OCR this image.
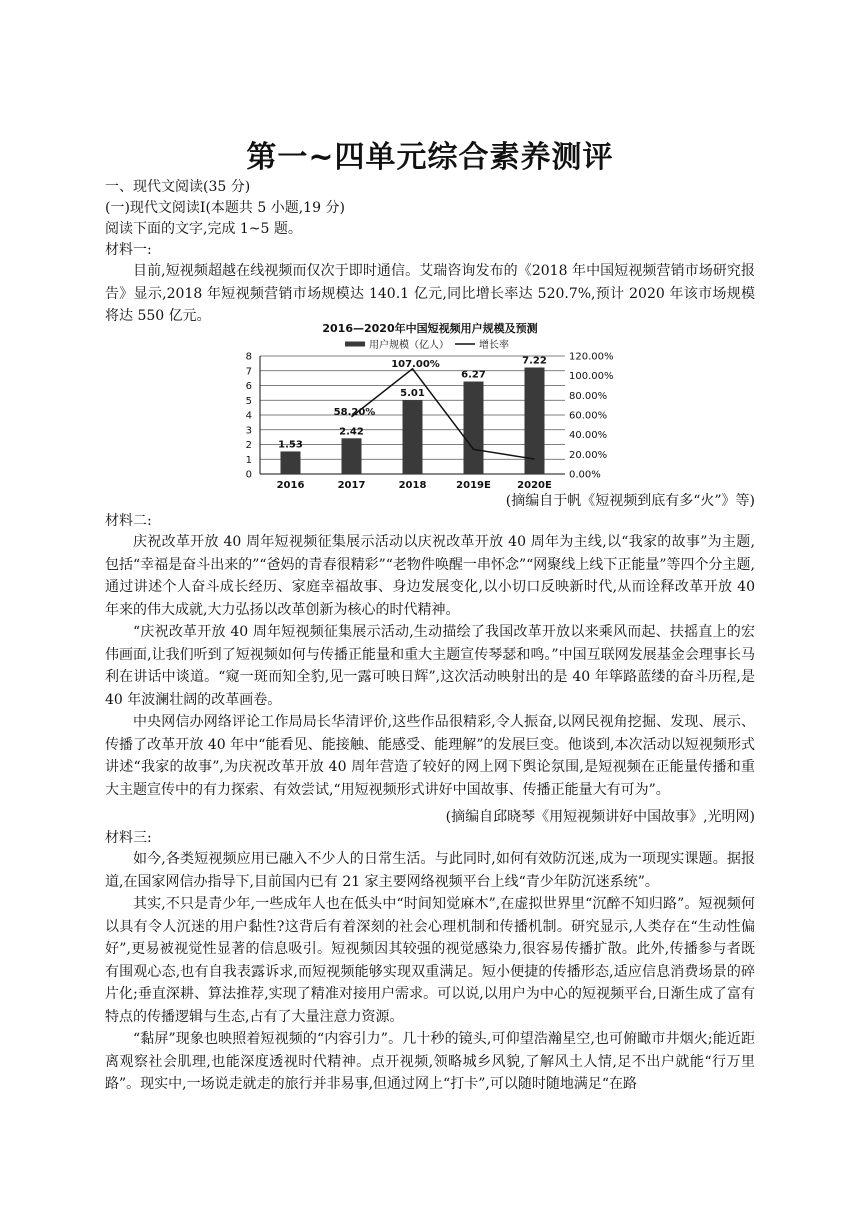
第一~四单元综合素养测评
一、现代文阅读(35 分)
(一)现代文阅读Ⅰ(本题共 5 小题,19 分)
阅读下面的文字,完成 1~5 题。
材料一:
目前,短视频超越在线视频而仅次于即时通信。艾瑞咨询发布的《2018 年中国短视频营销市场研究报告》显示,2018 年短视频营销市场规模达 140.1 亿元,同比增长率达 520.7%,预计 2020 年该市场规模将达 550 亿元。
2016—2020年中国短视频用户规模及预测
0
1
2
3
4
5
6
7
8
0.00%
20.00%
40.00%
60.00%
80.00%
100.00%
120.00%
1.53
2016
2.42
2017
5.01
2018
6.27
2019E
7.22
2020E
58.20%
107.00%
用户规模（亿人）	增长率
(摘编自于帆《短视频到底有多“火”》等)
材料二:
庆祝改革开放 40 周年短视频征集展示活动以庆祝改革开放 40 周年为主线,以“我家的故事”为主题,包括“幸福是奋斗出来的”“爸妈的青春很精彩”“老物件唤醒一串怀念”“网聚线上线下正能量”等四个分主题,通过讲述个人奋斗成长经历、家庭幸福故事、身边发展变化,以小切口反映新时代,从而诠释改革开放 40 年来的伟大成就,大力弘扬以改革创新为核心的时代精神。
“庆祝改革开放 40 周年短视频征集展示活动,生动描绘了我国改革开放以来乘风而起、扶摇直上的宏伟画面,让我们听到了短视频如何与传播正能量和重大主题宣传琴瑟和鸣。”中国互联网发展基金会理事长马利在讲话中谈道。“窥一斑而知全豹,见一露可映日辉”,这次活动映射出的是 40 年筚路蓝缕的奋斗历程,是 40 年波澜壮阔的改革画卷。
中央网信办网络评论工作局局长华清评价,这些作品很精彩,令人振奋,以网民视角挖掘、发现、展示、传播了改革开放 40 年中“能看见、能接触、能感受、能理解”的发展巨变。他谈到,本次活动以短视频形式讲述“我家的故事”,为庆祝改革开放 40 周年营造了较好的网上网下舆论氛围,是短视频在正能量传播和重大主题宣传中的有力探索、有效尝试,“用短视频形式讲好中国故事、传播正能量大有可为”。
(摘编自邱晓琴《用短视频讲好中国故事》,光明网)
材料三:
如今,各类短视频应用已融入不少人的日常生活。与此同时,如何有效防沉迷,成为一项现实课题。据报道,在国家网信办指导下,目前国内已有 21 家主要网络视频平台上线“青少年防沉迷系统”。
其实,不只是青少年,一些成年人也在低头中“时间知觉麻木”,在虚拟世界里“沉醉不知归路”。短视频何以具有令人沉迷的用户黏性?这背后有着深刻的社会心理机制和传播机制。研究显示,人类存在“生动性偏好”,更易被视觉性显著的信息吸引。短视频因其较强的视觉感染力,很容易传播扩散。此外,传播参与者既有围观心态,也有自我表露诉求,而短视频能够实现双重满足。短小便捷的传播形态,适应信息消费场景的碎片化;垂直深耕、算法推荐,实现了精准对接用户需求。可以说,以用户为中心的短视频平台,日渐生成了富有特点的传播逻辑与生态,占有了大量注意力资源。
“黏屏”现象也映照着短视频的“内容引力”。几十秒的镜头,可仰望浩瀚星空,也可俯瞰市井烟火;能近距离观察社会肌理,也能深度透视时代精神。点开视频,领略城乡风貌,了解风土人情,足不出户就能“行万里路”。现实中,一场说走就走的旅行并非易事,但通过网上“打卡”,可以随时随地满足“在路
